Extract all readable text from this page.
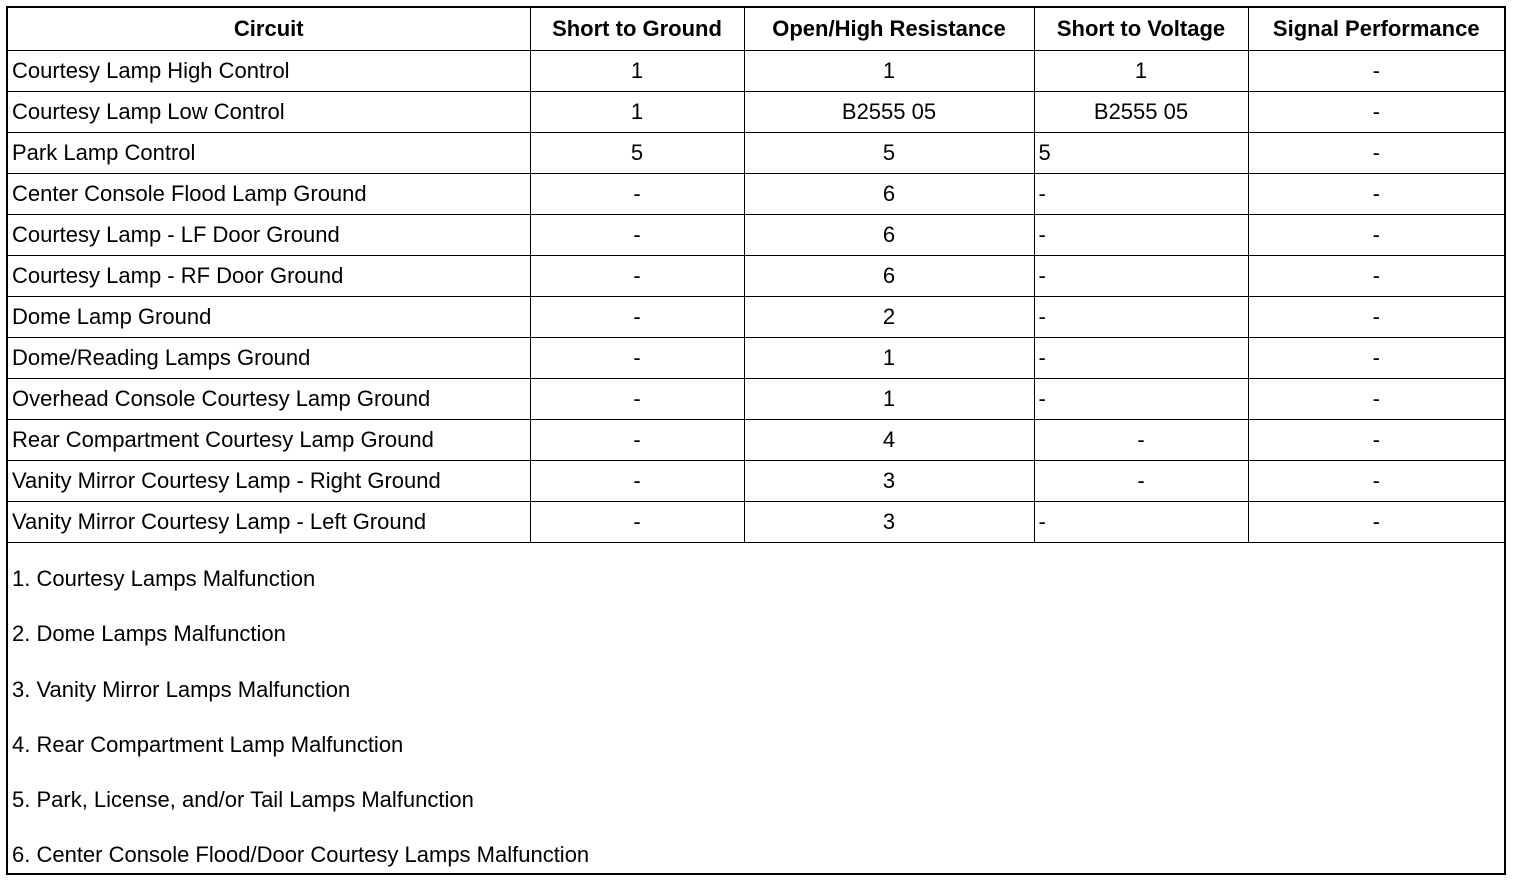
Circuit	Short to Ground	Open/High Resistance	Short to Voltage	Signal Performance
Courtesy Lamp High Control	1	1	1	-
Courtesy Lamp Low Control	1	B2555 05	B2555 05	-
Park Lamp Control	5	5	5	-
Center Console Flood Lamp Ground	-	6	-	-
Courtesy Lamp - LF Door Ground	-	6	-	-
Courtesy Lamp - RF Door Ground	-	6	-	-
Dome Lamp Ground	-	2	-	-
Dome/Reading Lamps Ground	-	1	-	-
Overhead Console Courtesy Lamp Ground	-	1	-	-
Rear Compartment Courtesy Lamp Ground	-	4	-	-
Vanity Mirror Courtesy Lamp - Right Ground	-	3	-	-
Vanity Mirror Courtesy Lamp - Left Ground	-	3	-	-
1. Courtesy Lamps Malfunction
2. Dome Lamps Malfunction
3. Vanity Mirror Lamps Malfunction
4. Rear Compartment Lamp Malfunction
5. Park, License, and/or Tail Lamps Malfunction
6. Center Console Flood/Door Courtesy Lamps Malfunction
